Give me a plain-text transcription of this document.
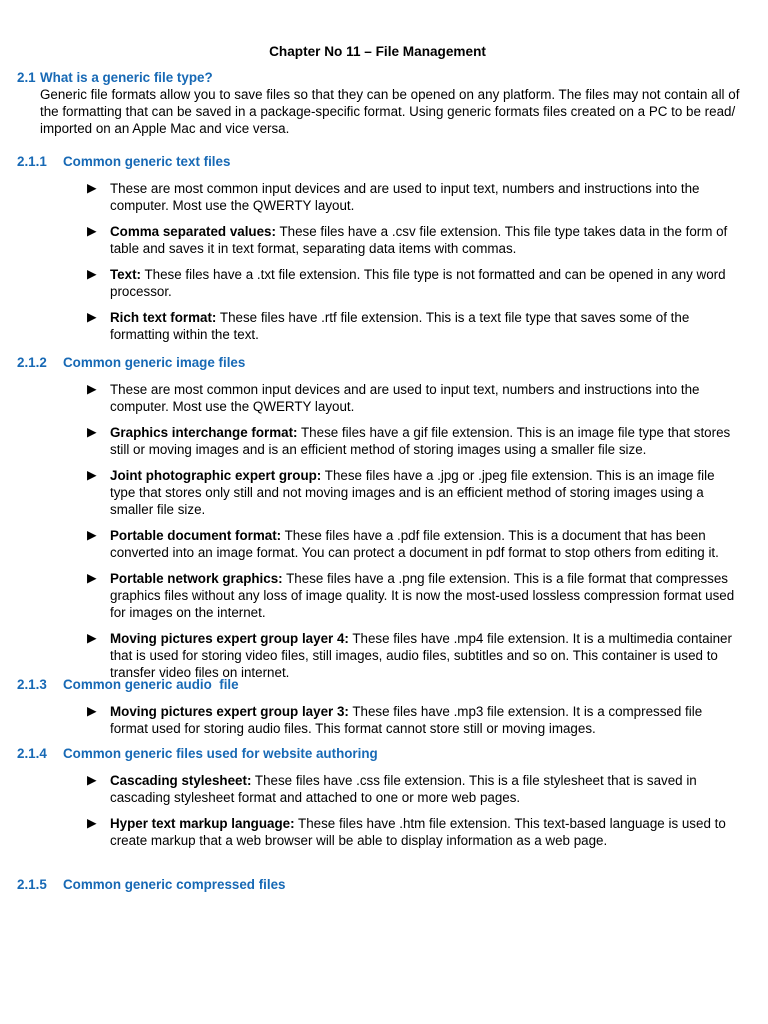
Chapter No 11 – File Management
2.1 What is a generic file type?
Generic file formats allow you to save files so that they can be opened on any platform. The files may not contain all of the formatting that can be saved in a package-specific format. Using generic formats files created on a PC to be read/ imported on an Apple Mac and vice versa.
2.1.1 Common generic text files
▶ These are most common input devices and are used to input text, numbers and instructions into the computer. Most use the QWERTY layout.
▶ Comma separated values: These files have a .csv file extension. This file type takes data in the form of table and saves it in text format, separating data items with commas.
▶ Text: These files have a .txt file extension. This file type is not formatted and can be opened in any word processor.
▶ Rich text format: These files have .rtf file extension. This is a text file type that saves some of the formatting within the text.
2.1.2 Common generic image files
▶ These are most common input devices and are used to input text, numbers and instructions into the computer. Most use the QWERTY layout.
▶ Graphics interchange format: These files have a gif file extension. This is an image file type that stores still or moving images and is an efficient method of storing images using a smaller file size.
▶ Joint photographic expert group: These files have a .jpg or .jpeg file extension. This is an image file type that stores only still and not moving images and is an efficient method of storing images using a smaller file size.
▶ Portable document format: These files have a .pdf file extension. This is a document that has been converted into an image format. You can protect a document in pdf format to stop others from editing it.
▶ Portable network graphics: These files have a .png file extension. This is a file format that compresses graphics files without any loss of image quality. It is now the most-used lossless compression format used for images on the internet.
▶ Moving pictures expert group layer 4: These files have .mp4 file extension. It is a multimedia container that is used for storing video files, still images, audio files, subtitles and so on. This container is used to transfer video files on internet.
2.1.3 Common generic audio  file
▶ Moving pictures expert group layer 3: These files have .mp3 file extension. It is a compressed file format used for storing audio files. This format cannot store still or moving images.
2.1.4 Common generic files used for website authoring
▶ Cascading stylesheet: These files have .css file extension. This is a file stylesheet that is saved in cascading stylesheet format and attached to one or more web pages.
▶ Hyper text markup language: These files have .htm file extension. This text-based language is used to create markup that a web browser will be able to display information as a web page.
2.1.5 Common generic compressed files
